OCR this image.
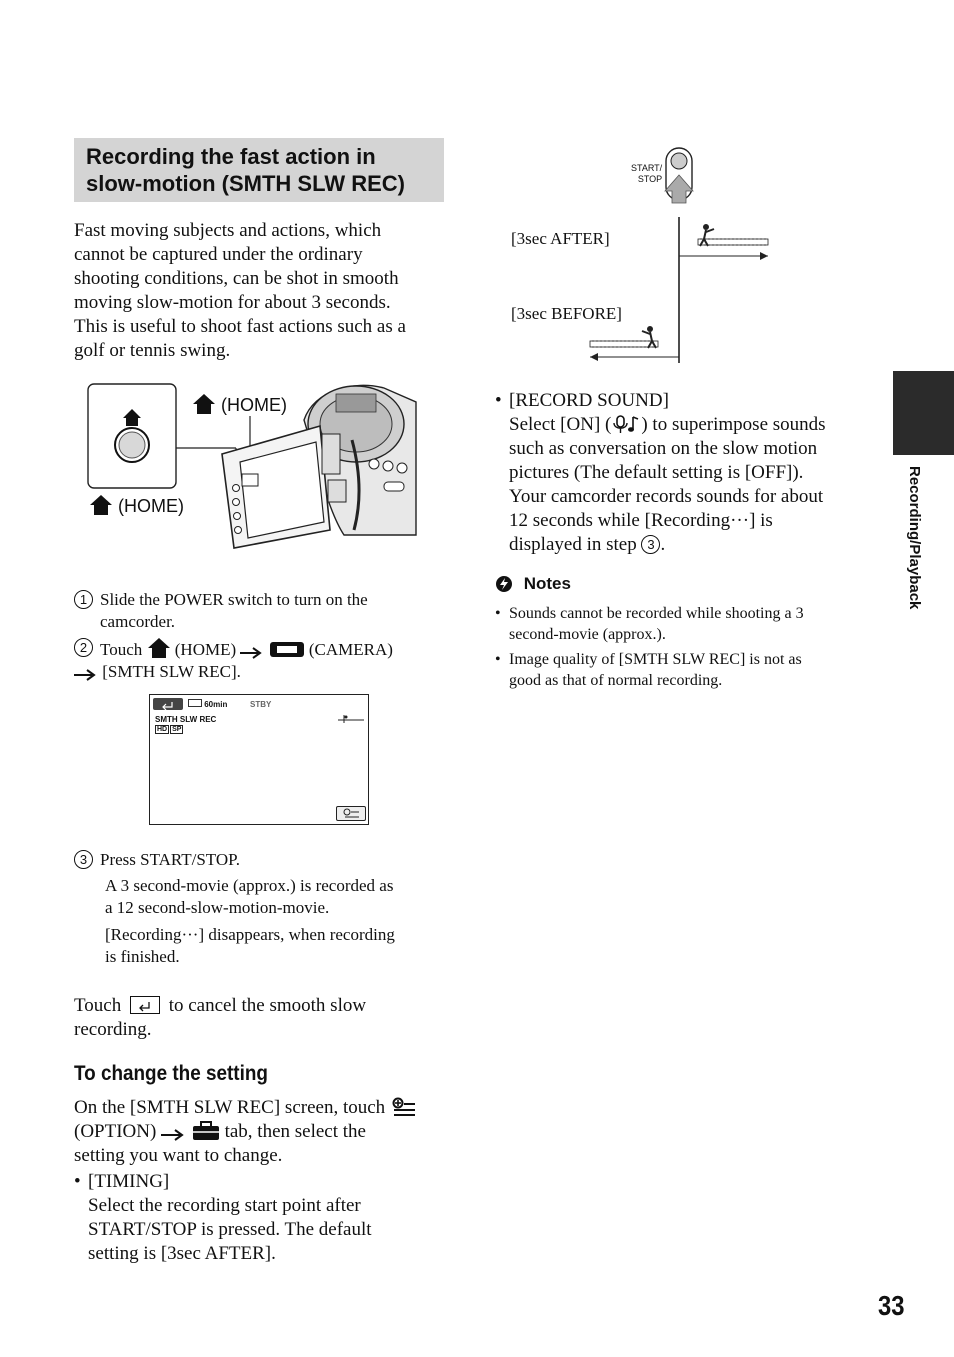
Recording the fast action in
slow-motion (SMTH SLW REC)
Fast moving subjects and actions, which
cannot be captured under the ordinary
shooting conditions, can be shot in smooth
moving slow-motion for about 3 seconds.
This is useful to shoot fast actions such as a
golf or tennis swing.
(HOME)
(HOME)
1 Slide the POWER switch to turn on the
camcorder.
2 Touch (HOME)	(CAMERA)
[SMTH SLW REC].
60min	STBY
SMTH SLW REC
HD SP
3 Press START/STOP.
A 3 second-movie (approx.) is recorded as
a 12 second-slow-motion-movie.
[Recording···] disappears, when recording
is finished.
Touch	to cancel the smooth slow
recording.
To change the setting
On the [SMTH SLW REC] screen, touch
(OPTION)	tab, then select the
setting you want to change.
• [TIMING]
Select the recording start point after
START/STOP is pressed. The default
setting is [3sec AFTER].
START/
STOP
[3sec AFTER]
[3sec BEFORE]
• [RECORD SOUND]
Select [ON] ( ) to superimpose sounds
such as conversation on the slow motion
pictures (The default setting is [OFF]).
Your camcorder records sounds for about
12 seconds while [Recording···] is
displayed in step 3 .
Notes
• Sounds cannot be recorded while shooting a 3
second-movie (approx.).
• Image quality of [SMTH SLW REC] is not as
good as that of normal recording.
Recording/Playback
33
